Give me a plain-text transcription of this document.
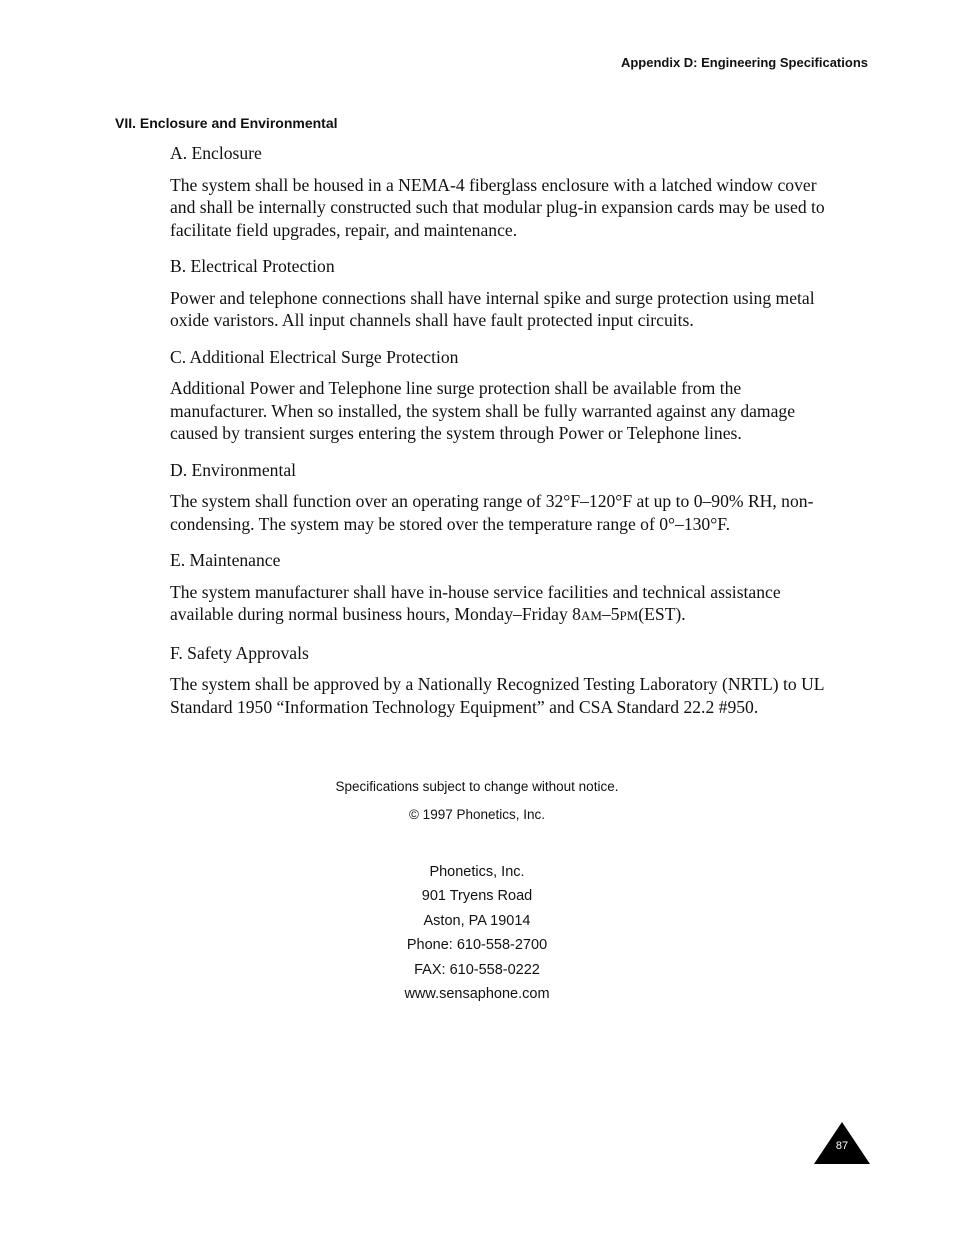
Appendix D: Engineering Specifications
VII. Enclosure and Environmental

A. Enclosure

The system shall be housed in a NEMA-4 fiberglass enclosure with a latched window cover and shall be internally constructed such that modular plug-in expansion cards may be used to facilitate field upgrades, repair, and maintenance.

B. Electrical Protection

Power and telephone connections shall have internal spike and surge protection using metal oxide varistors. All input channels shall have fault protected input circuits.

C. Additional Electrical Surge Protection

Additional Power and Telephone line surge protection shall be available from the manufacturer. When so installed, the system shall be fully warranted against any damage caused by transient surges entering the system through Power or Telephone lines.

D. Environmental

The system shall function over an operating range of 32°F–120°F at up to 0–90% RH, non-condensing. The system may be stored over the temperature range of 0°–130°F.

E. Maintenance

The system manufacturer shall have in-house service facilities and technical assistance available during normal business hours, Monday–Friday 8AM–5PM(EST).

F. Safety Approvals

The system shall be approved by a Nationally Recognized Testing Laboratory (NRTL) to UL Standard 1950 “Information Technology Equipment” and CSA Standard 22.2 #950.

Specifications subject to change without notice.
© 1997 Phonetics, Inc.
Phonetics, Inc.
901 Tryens Road
Aston, PA 19014
Phone: 610-558-2700
FAX: 610-558-0222
www.sensaphone.com
87
